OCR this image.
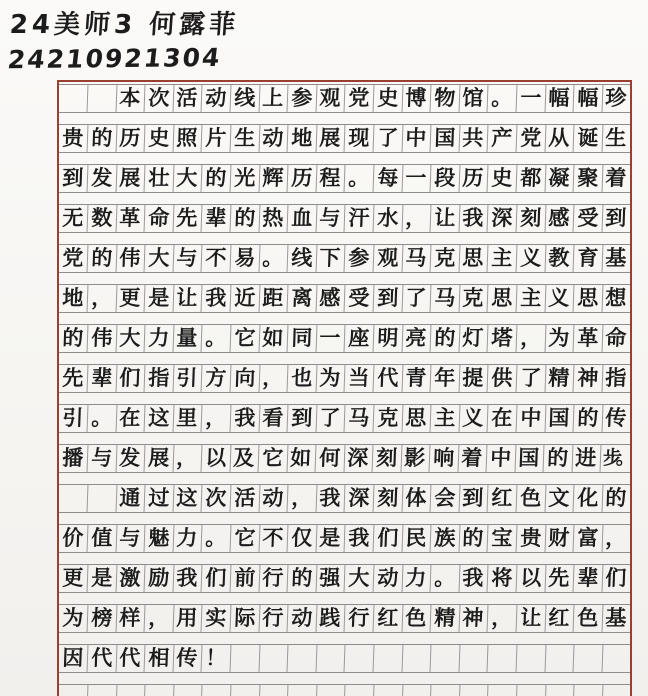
24美师3 何露菲
24210921304
本 次 活 动 线 上 参 观 党 史 博 物 馆 。 一 幅 幅 珍
贵 的 历 史 照 片 生 动 地 展 现 了 中 国 共 产 党 从 诞 生
到 发 展 壮 大 的 光 辉 历 程 。 每 一 段 历 史 都 凝 聚 着
无 数 革 命 先 辈 的 热 血 与 汗 水 ， 让 我 深 刻 感 受 到
党 的 伟 大 与 不 易 。 线 下 参 观 马 克 思 主 义 教 育 基
地 ， 更 是 让 我 近 距 离 感 受 到 了 马 克 思 主 义 思 想
的 伟 大 力 量 。 它 如 同 一 座 明 亮 的 灯 塔 ， 为 革 命
先 辈 们 指 引 方 向 ， 也 为 当 代 青 年 提 供 了 精 神 指
引 。 在 这 里 ， 我 看 到 了 马 克 思 主 义 在 中 国 的 传
播 与 发 展 ， 以 及 它 如 何 深 刻 影 响 着 中 国 的 进 步。
通 过 这 次 活 动 ， 我 深 刻 体 会 到 红 色 文 化 的
价 值 与 魅 力 。 它 不 仅 是 我 们 民 族 的 宝 贵 财 富 ，
更 是 激 励 我 们 前 行 的 强 大 动 力 。 我 将 以 先 辈 们
为 榜 样 ， 用 实 际 行 动 践 行 红 色 精 神 ， 让 红 色 基
因 代 代 相 传 ！
